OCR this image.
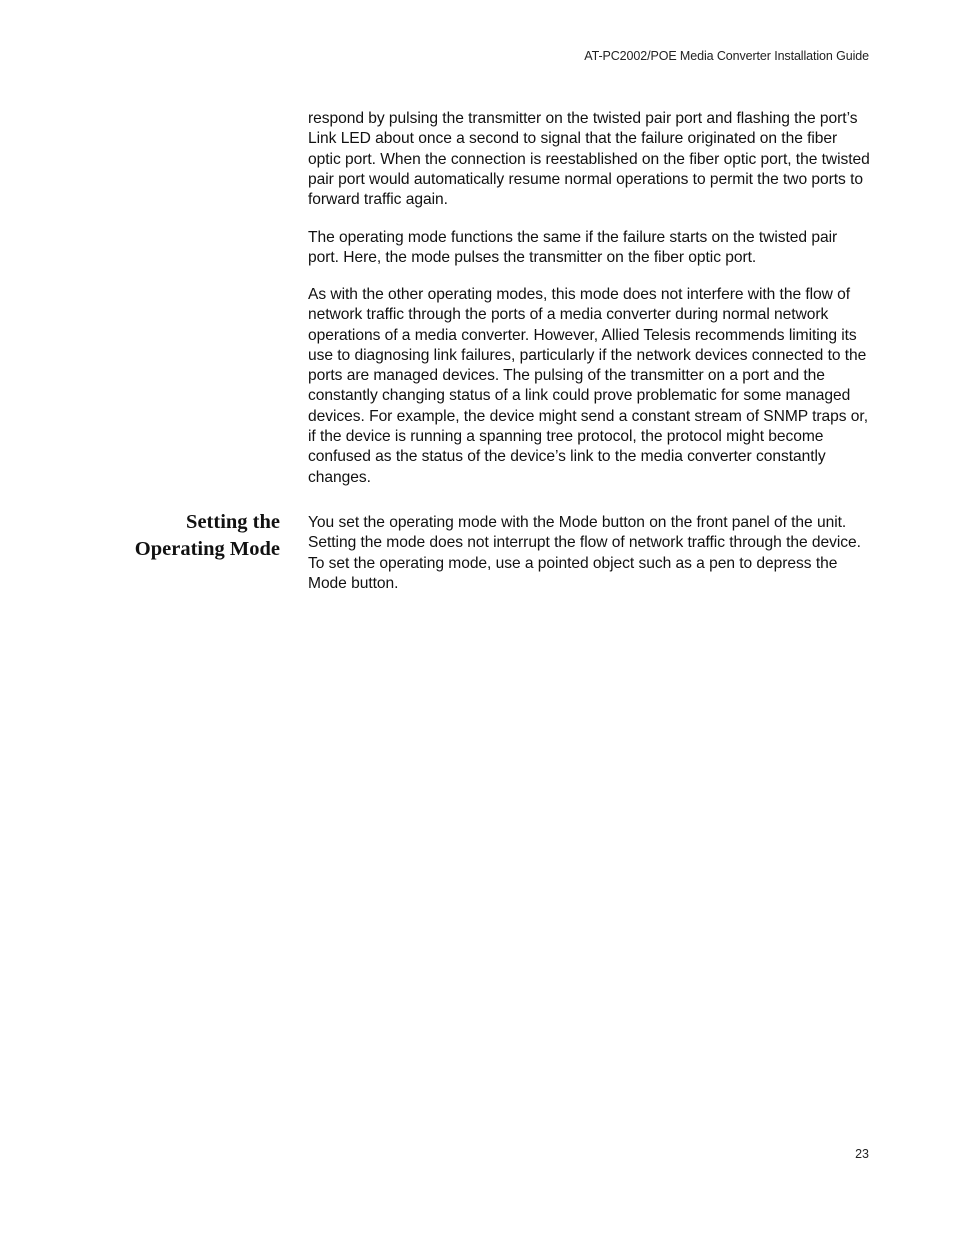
AT-PC2002/POE Media Converter Installation Guide

respond by pulsing the transmitter on the twisted pair port and flashing the port’s Link LED about once a second to signal that the failure originated on the fiber optic port. When the connection is reestablished on the fiber optic port, the twisted pair port would automatically resume normal operations to permit the two ports to forward traffic again.

The operating mode functions the same if the failure starts on the twisted pair port. Here, the mode pulses the transmitter on the fiber optic port.

As with the other operating modes, this mode does not interfere with the flow of network traffic through the ports of a media converter during normal network operations of a media converter. However, Allied Telesis recommends limiting its use to diagnosing link failures, particularly if the network devices connected to the ports are managed devices. The pulsing of the transmitter on a port and the constantly changing status of a link could prove problematic for some managed devices. For example, the device might send a constant stream of SNMP traps or, if the device is running a spanning tree protocol, the protocol might become confused as the status of the device’s link to the media converter constantly changes.

Setting the
Operating Mode

You set the operating mode with the Mode button on the front panel of the unit. Setting the mode does not interrupt the flow of network traffic through the device. To set the operating mode, use a pointed object such as a pen to depress the Mode button.

23
